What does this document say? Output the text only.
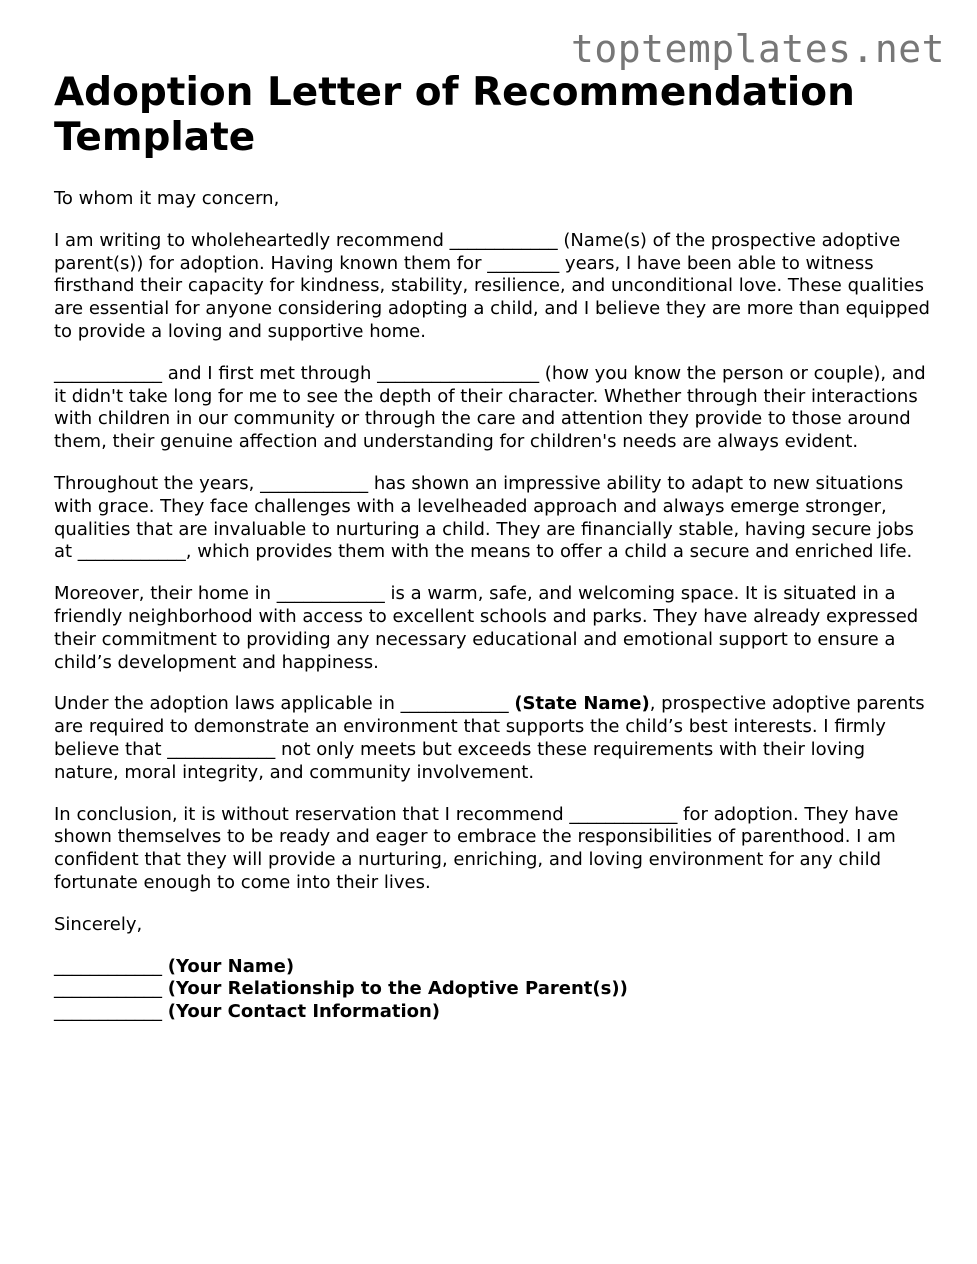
toptemplates.net
Adoption Letter of Recommendation Template

To whom it may concern,

I am writing to wholeheartedly recommend ____________ (Name(s) of the prospective adoptive parent(s)) for adoption. Having known them for ________ years, I have been able to witness firsthand their capacity for kindness, stability, resilience, and unconditional love. These qualities are essential for anyone considering adopting a child, and I believe they are more than equipped to provide a loving and supportive home.

____________ and I first met through __________________ (how you know the person or couple), and it didn't take long for me to see the depth of their character. Whether through their interactions with children in our community or through the care and attention they provide to those around them, their genuine affection and understanding for children's needs are always evident.

Throughout the years, ____________ has shown an impressive ability to adapt to new situations with grace. They face challenges with a levelheaded approach and always emerge stronger, qualities that are invaluable to nurturing a child. They are financially stable, having secure jobs at ____________, which provides them with the means to offer a child a secure and enriched life.

Moreover, their home in ____________ is a warm, safe, and welcoming space. It is situated in a friendly neighborhood with access to excellent schools and parks. They have already expressed their commitment to providing any necessary educational and emotional support to ensure a child’s development and happiness.

Under the adoption laws applicable in ____________ (State Name), prospective adoptive parents are required to demonstrate an environment that supports the child’s best interests. I firmly believe that ____________ not only meets but exceeds these requirements with their loving nature, moral integrity, and community involvement.

In conclusion, it is without reservation that I recommend ____________ for adoption. They have shown themselves to be ready and eager to embrace the responsibilities of parenthood. I am confident that they will provide a nurturing, enriching, and loving environment for any child fortunate enough to come into their lives.

Sincerely,

____________ (Your Name)
____________ (Your Relationship to the Adoptive Parent(s))
____________ (Your Contact Information)
